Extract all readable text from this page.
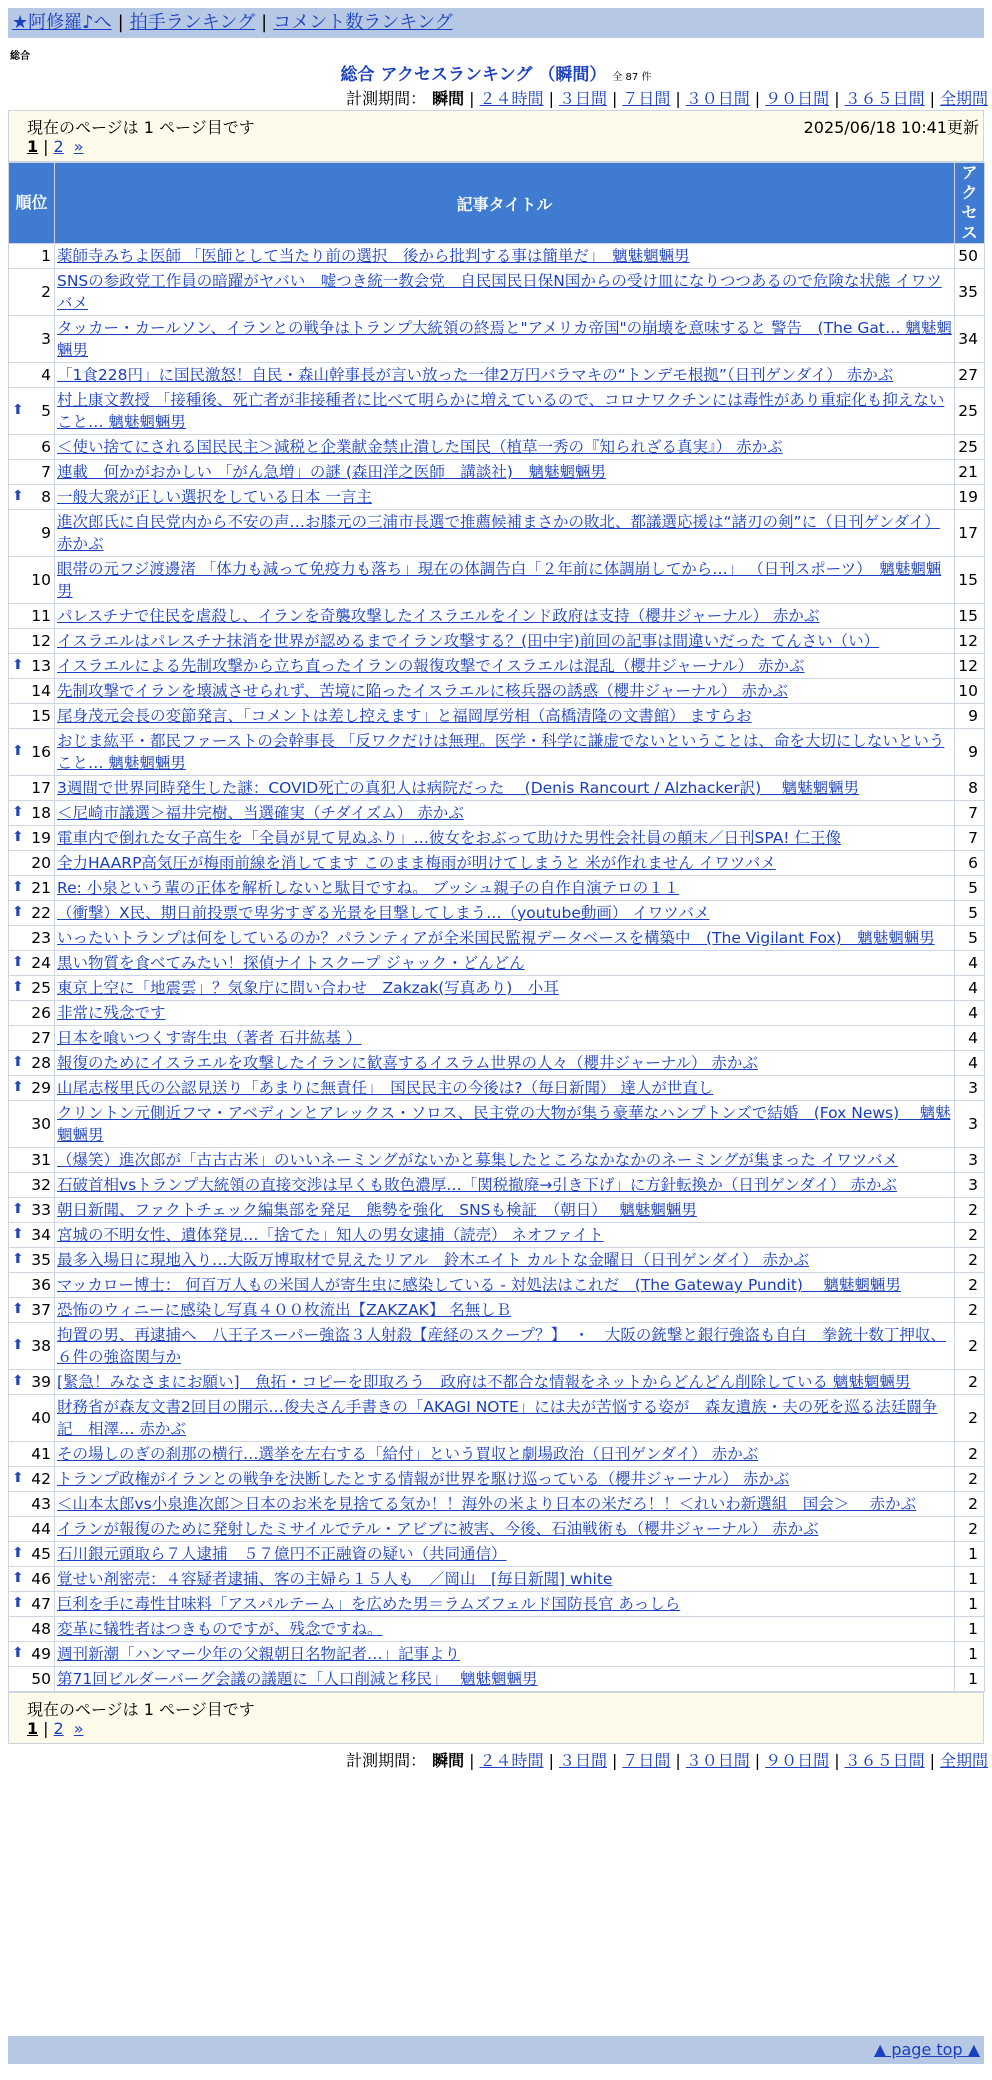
★阿修羅♪へ | 拍手ランキング | コメント数ランキング
総合
総合 アクセスランキング （瞬間） 全 87 件
計測期間： 瞬間 | ２４時間 | ３日間 | ７日間 | ３０日間 | ９０日間 | ３６５日間 | 全期間
現在のページは 1 ページ目です	2025/06/18 10:41更新
1 | 2 »
順位	記事タイトル	アクセス
1	薬師寺みちよ医師 「医師として当たり前の選択　後から批判する事は簡単だ」　魑魅魍魎男	50
2	SNSの参政党工作員の暗躍がヤバい　嘘つき統一教会党　自民国民日保N国からの受け皿になりつつあるので危険な状態 イワツバメ	35
3	タッカー・カールソン、イランとの戦争はトランプ大統領の終焉と"アメリカ帝国"の崩壊を意味すると 警告　(The Gat… 魑魅魍魎男	34
4	「1食228円」に国民激怒！自民・森山幹事長が言い放った一律2万円バラマキの“トンデモ根拠”（日刊ゲンダイ） 赤かぶ	27

⬆ 5	村上康文教授 「接種後、死亡者が非接種者に比べて明らかに増えているので、コロナワクチンには毒性があり重症化も抑えないこと… 魑魅魍魎男	25
6	＜使い捨てにされる国民民主＞減税と企業献金禁止潰した国民（植草一秀の『知られざる真実』） 赤かぶ	25
7	連載　何かがおかしい 「がん急増」の謎 (森田洋之医師　講談社)　魑魅魍魎男	21

⬆ 8	一般大衆が正しい選択をしている日本 一言主	19
9	進次郎氏に自民党内から不安の声…お膝元の三浦市長選で推薦候補まさかの敗北、都議選応援は“諸刃の剣”に（日刊ゲンダイ） 赤かぶ	17
10	眼帯の元フジ渡邊渚 「体力も減って免疫力も落ち」現在の体調告白「２年前に体調崩してから…」 （日刊スポーツ）　魑魅魍魎男	15
11	パレスチナで住民を虐殺し、イランを奇襲攻撃したイスラエルをインド政府は支持（櫻井ジャーナル） 赤かぶ	15
12	イスラエルはパレスチナ抹消を世界が認めるまでイラン攻撃する？(田中宇)前回の記事は間違いだった てんさい（い）	12

⬆ 13	イスラエルによる先制攻撃から立ち直ったイランの報復攻撃でイスラエルは混乱（櫻井ジャーナル） 赤かぶ	12
14	先制攻撃でイランを壊滅させられず、苦境に陥ったイスラエルに核兵器の誘惑（櫻井ジャーナル） 赤かぶ	10
15	尾身茂元会長の変節発言、「コメントは差し控えます」と福岡厚労相（高橋清隆の文書館） ますらお	9

⬆ 16	おじま紘平・都民ファーストの会幹事長 「反ワクだけは無理。医学・科学に謙虚でないということは、命を大切にしないということ… 魑魅魍魎男	9
17	3週間で世界同時発生した謎：COVID死亡の真犯人は病院だった　 (Denis Rancourt / Alzhacker訳)　 魑魅魍魎男	8

⬆ 18	＜尼崎市議選＞福井完樹、当選確実（チダイズム） 赤かぶ	7

⬆ 19	電車内で倒れた女子高生を「全員が見て見ぬふり」…彼女をおぶって助けた男性会社員の顛末／日刊SPA! 仁王像	7
20	全力HAARP高気圧が梅雨前線を消してます このまま梅雨が明けてしまうと 米が作れません イワツバメ	6

⬆ 21	Re: 小泉という輩の正体を解析しないと駄目ですね。 ブッシュ親子の自作自演テロの１１	5

⬆ 22	（衝撃）X民、期日前投票で卑劣すぎる光景を目撃してしまう…（youtube動画） イワツバメ	5
23	いったいトランプは何をしているのか？パランティアが全米国民監視データベースを構築中　(The Vigilant Fox)　魑魅魍魎男	5

⬆ 24	黒い物質を食べてみたい！探偵ナイトスクープ ジャック・どんどん	4

⬆ 25	東京上空に「地震雲」？気象庁に問い合わせ　Zakzak(写真あり)　小耳	4
26	非常に残念です	4
27	日本を喰いつくす寄生虫（著者 石井紘基 ）	4

⬆ 28	報復のためにイスラエルを攻撃したイランに歓喜するイスラム世界の人々（櫻井ジャーナル） 赤かぶ	4

⬆ 29	山尾志桜里氏の公認見送り「あまりに無責任」　国民民主の今後は?（毎日新聞） 達人が世直し	3
30	クリントン元側近フマ・アベディンとアレックス・ソロス、民主党の大物が集う豪華なハンプトンズで結婚　(Fox News)　 魑魅魍魎男	3
31	（爆笑）進次郎が「古古古米」のいいネーミングがないかと募集したところなかなかのネーミングが集まった イワツバメ	3
32	石破首相vsトランプ大統領の直接交渉は早くも敗色濃厚…「関税撤廃→引き下げ」に方針転換か（日刊ゲンダイ） 赤かぶ	3

⬆ 33	朝日新聞、ファクトチェック編集部を発足　態勢を強化　SNSも検証　（朝日）　 魑魅魍魎男	2

⬆ 34	宮城の不明女性、遺体発見…「捨てた」知人の男女逮捕（読売） ネオファイト	2

⬆ 35	最多入場日に現地入り…大阪万博取材で見えたリアル　鈴木エイト カルトな金曜日（日刊ゲンダイ） 赤かぶ	2
36	マッカロー博士： 何百万人もの米国人が寄生虫に感染している - 対処法はこれだ　(The Gateway Pundit)　 魑魅魍魎男	2

⬆ 37	恐怖のウィニーに感染し写真４００枚流出【ZAKZAK】 名無しＢ	2

⬆ 38	拘置の男、再逮捕へ　八王子スーパー強盗３人射殺【産経のスクープ？】　・　大阪の銃撃と銀行強盗も自白　拳銃十数丁押収、６件の強盗関与か	2

⬆ 39	[緊急！みなさまにお願い]　魚拓・コピーを即取ろう　政府は不都合な情報をネットからどんどん削除している 魑魅魍魎男	2
40	財務省が森友文書2回目の開示…俊夫さん手書きの「AKAGI NOTE」には夫が苦悩する姿が　森友遺族・夫の死を巡る法廷闘争記　相澤… 赤かぶ	2
41	その場しのぎの刹那の横行…選挙を左右する「給付」という買収と劇場政治（日刊ゲンダイ） 赤かぶ	2

⬆ 42	トランプ政権がイランとの戦争を決断したとする情報が世界を駆け巡っている（櫻井ジャーナル） 赤かぶ	2
43	＜山本太郎vs小泉進次郎＞日本のお米を見捨てる気か！！海外の米より日本の米だろ！！＜れいわ新選組　国会＞　 赤かぶ	2
44	イランが報復のために発射したミサイルでテル・アビブに被害、今後、石油戦術も（櫻井ジャーナル） 赤かぶ	2

⬆ 45	石川銀元頭取ら７人逮捕　５７億円不正融資の疑い（共同通信）	1

⬆ 46	覚せい剤密売：４容疑者逮捕、客の主婦ら１５人も　／岡山　[毎日新聞] white	1

⬆ 47	巨利を手に毒性甘味料「アスパルテーム」を広めた男＝ラムズフェルド国防長官 あっしら	1
48	変革に犠牲者はつきものですが、残念ですね。	1

⬆ 49	週刊新潮「ハンマー少年の父親朝日名物記者…」記事より	1
50	第71回ビルダーバーグ会議の議題に「人口削減と移民」　 魑魅魍魎男	1
現在のページは 1 ページ目です
1 | 2 »
計測期間： 瞬間 | ２４時間 | ３日間 | ７日間 | ３０日間 | ９０日間 | ３６５日間 | 全期間
▲ page top ▲
